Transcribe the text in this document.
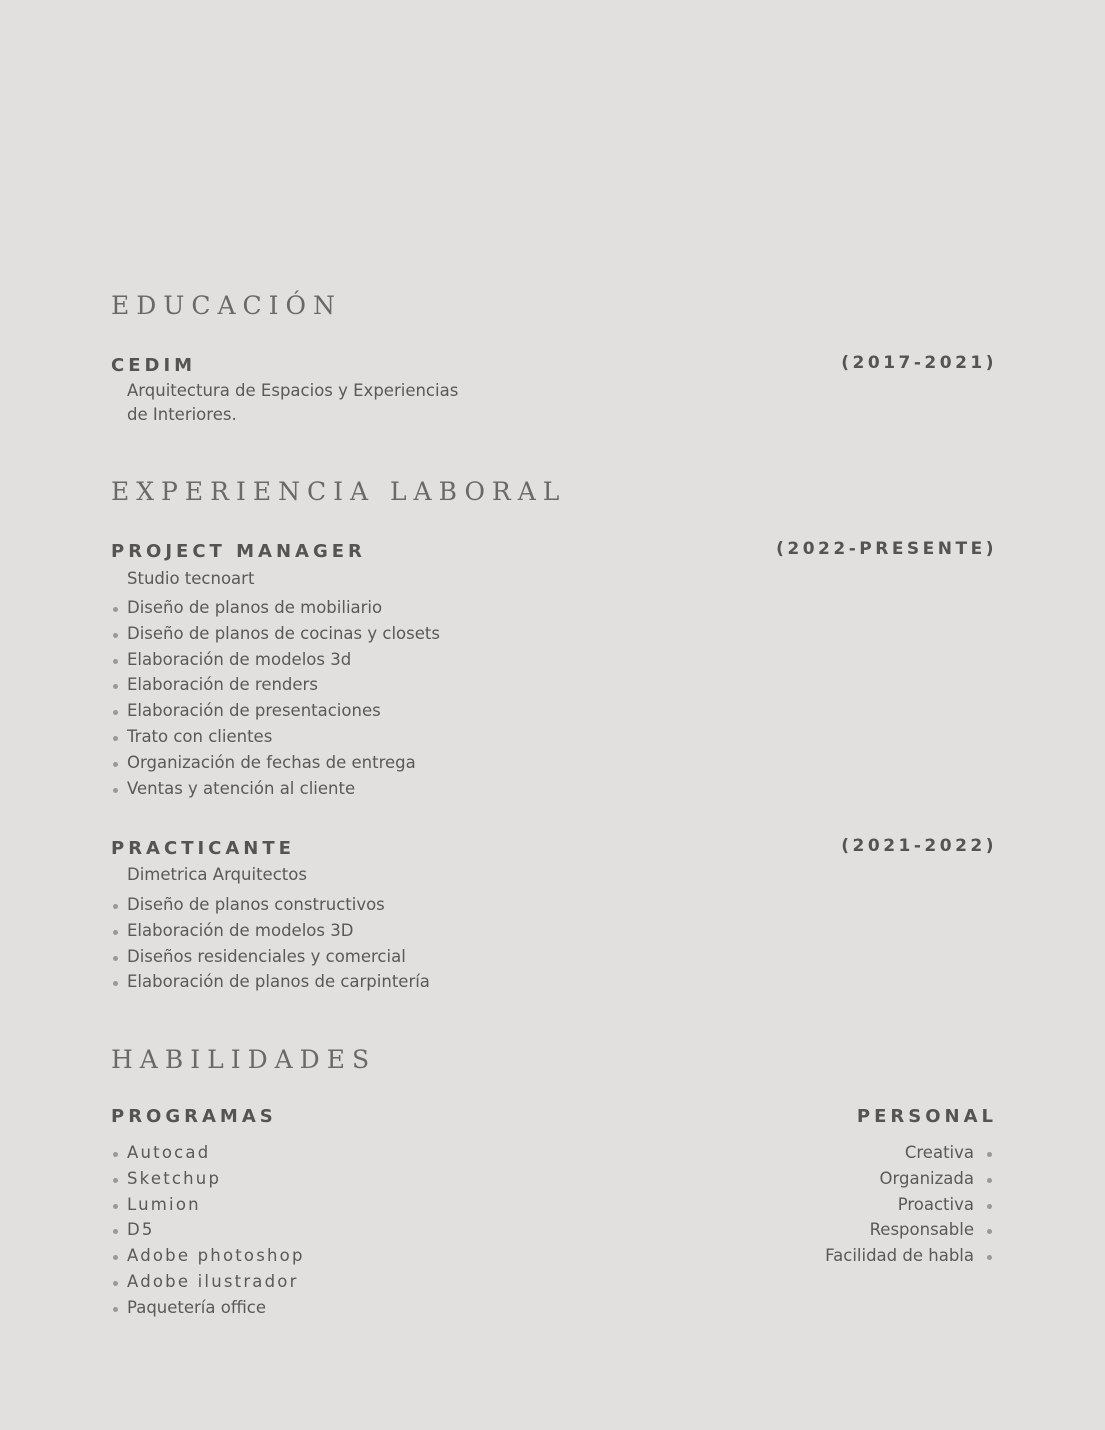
EDUCACIÓN
CEDIM	(2017-2021)
Arquitectura de Espacios y Experiencias
de Interiores.
EXPERIENCIA LABORAL
PROJECT MANAGER	(2022-PRESENTE)
Studio tecnoart
Diseño de planos de mobiliario
Diseño de planos de cocinas y closets
Elaboración de modelos 3d
Elaboración de renders
Elaboración de presentaciones
Trato con clientes
Organización de fechas de entrega
Ventas y atención al cliente
PRACTICANTE	(2021-2022)
Dimetrica Arquitectos
Diseño de planos constructivos
Elaboración de modelos 3D
Diseños residenciales y comercial
Elaboración de planos de carpintería
HABILIDADES
PROGRAMAS
Autocad
Sketchup
Lumion
D5
Adobe photoshop
Adobe ilustrador
Paquetería office
PERSONAL
Creativa
Organizada
Proactiva
Responsable
Facilidad de habla
